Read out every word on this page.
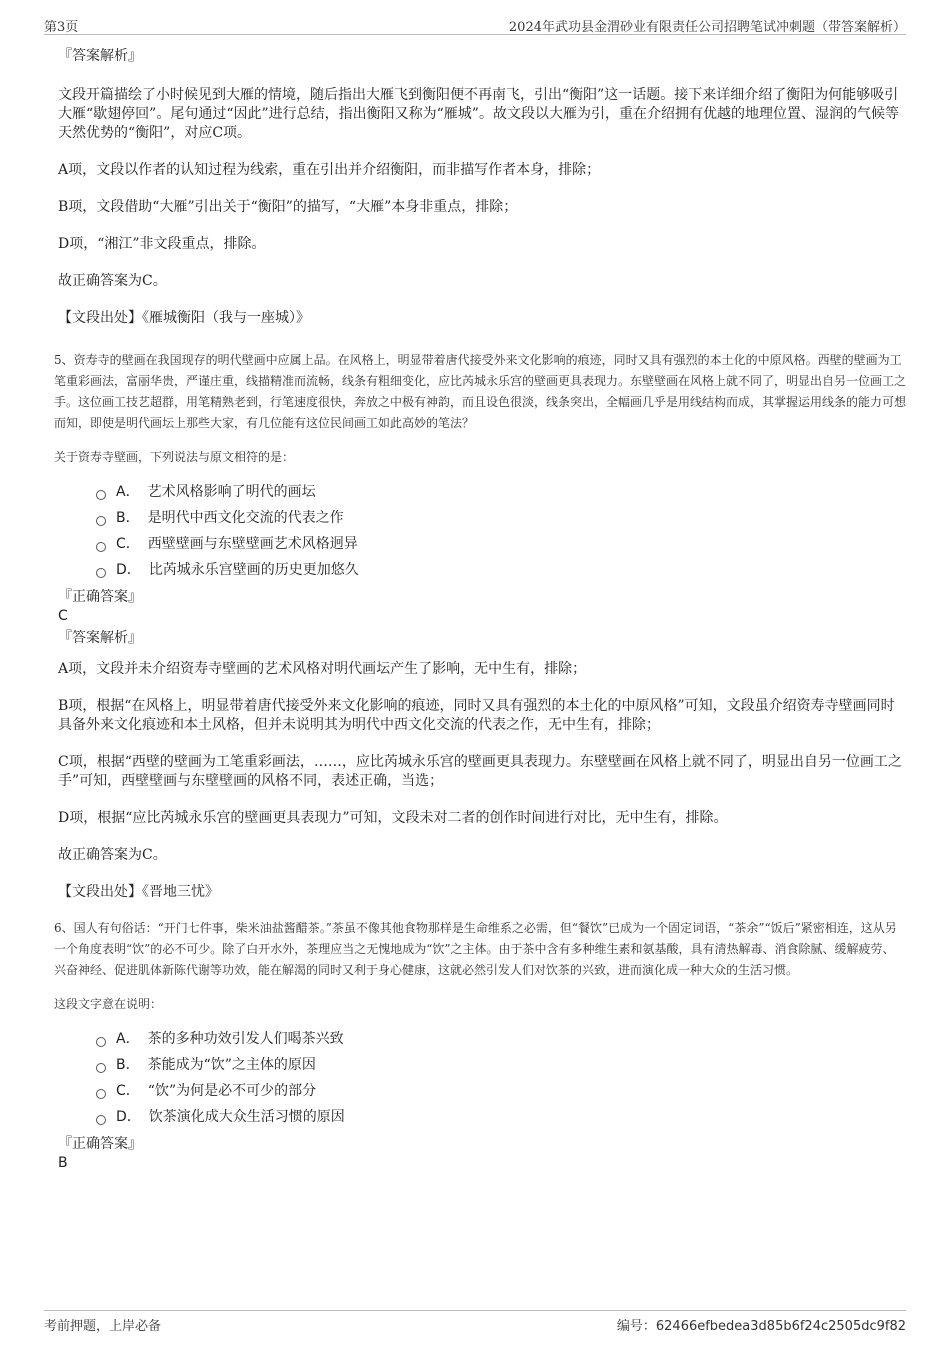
第3页	2024年武功县金渭砂业有限责任公司招聘笔试冲刺题（带答案解析）
『答案解析』

文段开篇描绘了小时候见到大雁的情境，随后指出大雁飞到衡阳便不再南飞，引出“衡阳”这一话题。接下来详细介绍了衡阳为何能够吸引大雁“歇翅停回”。尾句通过“因此”进行总结，指出衡阳又称为“雁城”。故文段以大雁为引，重在介绍拥有优越的地理位置、湿润的气候等天然优势的“衡阳”，对应C项。

A项，文段以作者的认知过程为线索，重在引出并介绍衡阳，而非描写作者本身，排除；

B项，文段借助“大雁”引出关于“衡阳”的描写，“大雁”本身非重点，排除；

D项，“湘江”非文段重点，排除。

故正确答案为C。

【文段出处】《雁城衡阳（我与一座城）》

5、资寿寺的壁画在我国现存的明代壁画中应属上品。在风格上，明显带着唐代接受外来文化影响的痕迹，同时又具有强烈的本土化的中原风格。西壁的壁画为工笔重彩画法，富丽华贵，严谨庄重，线描精准而流畅，线条有粗细变化，应比芮城永乐宫的壁画更具表现力。东壁壁画在风格上就不同了，明显出自另一位画工之手。这位画工技艺超群，用笔精熟老到，行笔速度很快，奔放之中极有神韵，而且设色很淡，线条突出，全幅画几乎是用线结构而成，其掌握运用线条的能力可想而知，即使是明代画坛上那些大家，有几位能有这位民间画工如此高妙的笔法？
关于资寿寺壁画，下列说法与原文相符的是：
A． 艺术风格影响了明代的画坛
B． 是明代中西文化交流的代表之作
C． 西壁壁画与东壁壁画艺术风格迥异
D． 比芮城永乐宫壁画的历史更加悠久
『正确答案』
C
『答案解析』

A项，文段并未介绍资寿寺壁画的艺术风格对明代画坛产生了影响，无中生有，排除；

B项，根据“在风格上，明显带着唐代接受外来文化影响的痕迹，同时又具有强烈的本土化的中原风格”可知，文段虽介绍资寿寺壁画同时具备外来文化痕迹和本土风格，但并未说明其为明代中西文化交流的代表之作，无中生有，排除；

C项，根据“西壁的壁画为工笔重彩画法，……，应比芮城永乐宫的壁画更具表现力。东壁壁画在风格上就不同了，明显出自另一位画工之手”可知，西壁壁画与东壁壁画的风格不同，表述正确，当选；

D项，根据“应比芮城永乐宫的壁画更具表现力”可知，文段未对二者的创作时间进行对比，无中生有，排除。

故正确答案为C。

【文段出处】《晋地三忧》

6、国人有句俗话：“开门七件事，柴米油盐酱醋茶。”茶虽不像其他食物那样是生命维系之必需，但“餐饮”已成为一个固定词语，“茶余”“饭后”紧密相连，这从另一个角度表明“饮”的必不可少。除了白开水外，茶理应当之无愧地成为“饮”之主体。由于茶中含有多种维生素和氨基酸，具有清热解毒、消食除腻、缓解疲劳、兴奋神经、促进肌体新陈代谢等功效，能在解渴的同时又利于身心健康，这就必然引发人们对饮茶的兴致，进而演化成一种大众的生活习惯。
这段文字意在说明：
A． 茶的多种功效引发人们喝茶兴致
B． 茶能成为“饮”之主体的原因
C． “饮”为何是必不可少的部分
D． 饮茶演化成大众生活习惯的原因
『正确答案』
B
考前押题，上岸必备	编号：62466efbedea3d85b6f24c2505dc9f82
